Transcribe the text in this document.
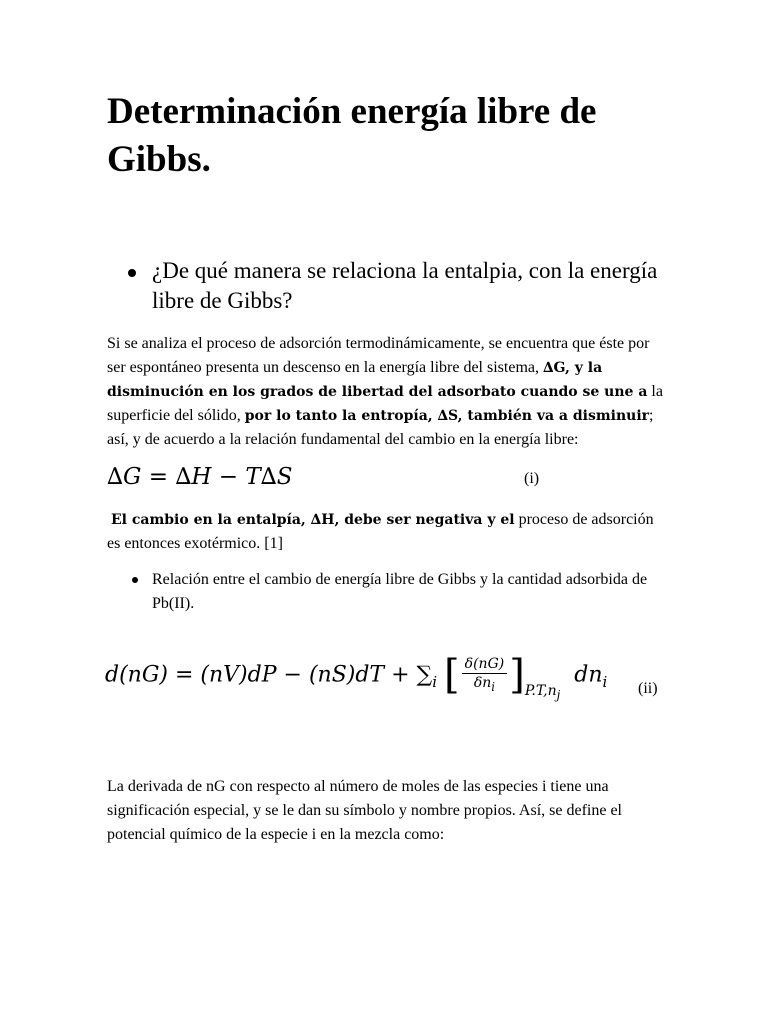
Determinación energía libre de Gibbs.
¿De qué manera se relaciona la entalpia, con la energía libre de Gibbs?

Si se analiza el proceso de adsorción termodinámicamente, se encuentra que éste por ser espontáneo presenta un descenso en la energía libre del sistema, ∆G, y la disminución en los grados de libertad del adsorbato cuando se une a la superficie del sólido, por lo tanto la entropía, ∆S, también va a disminuir; así, y de acuerdo a la relación fundamental del cambio en la energía libre:

∆G = ∆H − T∆S	(i)

El cambio en la entalpía, ∆H, debe ser negativa y el proceso de adsorción es entonces exotérmico. [1]

Relación entre el cambio de energía libre de Gibbs y la cantidad adsorbida de Pb(II).
$d(nG) = (nV)dP - (nS)dT + \sum_i$ [ $\frac{\delta(nG)}{\delta n_i} ]P.T,n_j$  $dn_i$ (ii)

La derivada de nG con respecto al número de moles de las especies i tiene una significación especial, y se le dan su símbolo y nombre propios. Así, se define el potencial químico de la especie i en la mezcla como:
